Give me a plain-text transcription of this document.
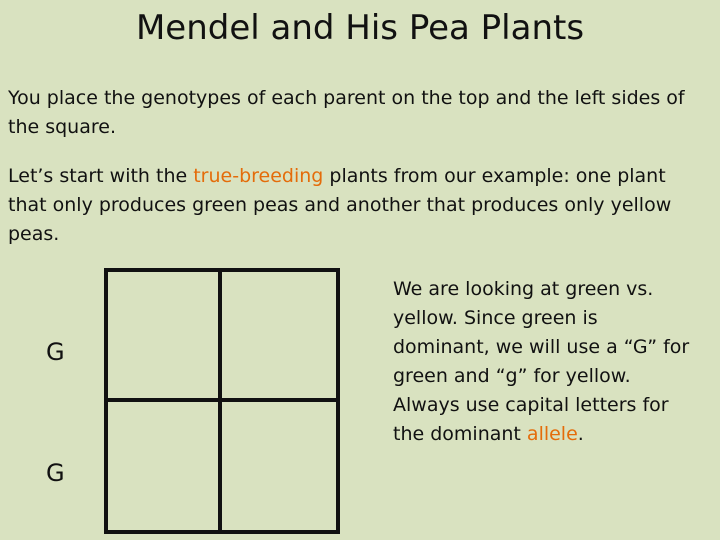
Mendel and His Pea Plants
You place the genotypes of each parent on the top and the left sides of the square.
Let’s start with the true-breeding plants from our example: one plant that only produces green peas and another that produces only yellow peas.
G
G
We are looking at green vs. yellow. Since green is dominant, we will use a “G” for green and “g” for yellow. Always use capital letters for the dominant allele.
